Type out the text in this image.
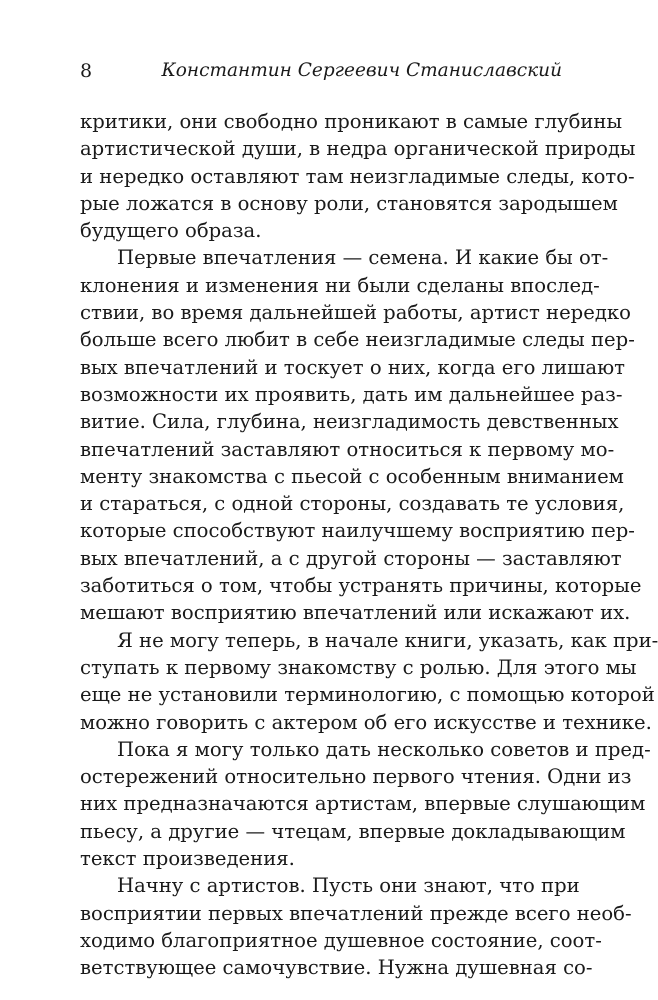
8	Константин Сергеевич Станиславский
критики, они свободно проникают в самые глубины
артистической души, в недра органической природы
и нередко оставляют там неизгладимые следы, кото-
рые ложатся в основу роли, становятся зародышем
будущего образа.
Первые впечатления — семена. И какие бы от-
клонения и изменения ни были сделаны впослед-
ствии, во время дальнейшей работы, артист нередко
больше всего любит в себе неизгладимые следы пер-
вых впечатлений и тоскует о них, когда его лишают
возможности их проявить, дать им дальнейшее раз-
витие. Сила, глубина, неизгладимость девственных
впечатлений заставляют относиться к первому мо-
менту знакомства с пьесой с особенным вниманием
и стараться, с одной стороны, создавать те условия,
которые способствуют наилучшему восприятию пер-
вых впечатлений, а с другой стороны — заставляют
заботиться о том, чтобы устранять причины, которые
мешают восприятию впечатлений или искажают их.
Я не могу теперь, в начале книги, указать, как при-
ступать к первому знакомству с ролью. Для этого мы
еще не установили терминологию, с помощью которой
можно говорить с актером об его искусстве и технике.
Пока я могу только дать несколько советов и пред-
остережений относительно первого чтения. Одни из
них предназначаются артистам, впервые слушающим
пьесу, а другие — чтецам, впервые докладывающим
текст произведения.
Начну с артистов. Пусть они знают, что при
восприятии первых впечатлений прежде всего необ-
ходимо благоприятное душевное состояние, соот-
ветствующее самочувствие. Нужна душевная со-
